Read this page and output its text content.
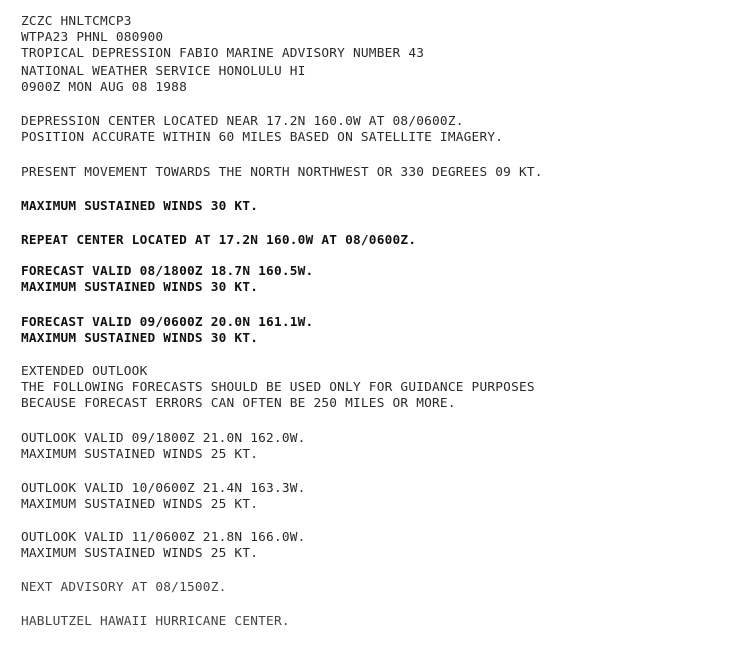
ZCZC HNLTCMCP3

WTPA23 PHNL 080900

TROPICAL DEPRESSION FABIO MARINE ADVISORY NUMBER 43

NATIONAL WEATHER SERVICE HONOLULU HI

0900Z MON AUG 08 1988

DEPRESSION CENTER LOCATED NEAR 17.2N 160.0W AT 08/0600Z.

POSITION ACCURATE WITHIN 60 MILES BASED ON SATELLITE IMAGERY.

PRESENT MOVEMENT TOWARDS THE NORTH NORTHWEST OR 330 DEGREES 09 KT.

MAXIMUM SUSTAINED WINDS 30 KT.

REPEAT CENTER LOCATED AT 17.2N 160.0W AT 08/0600Z.

FORECAST VALID 08/1800Z 18.7N 160.5W.

MAXIMUM SUSTAINED WINDS 30 KT.

FORECAST VALID 09/0600Z 20.0N 161.1W.

MAXIMUM SUSTAINED WINDS 30 KT.

EXTENDED OUTLOOK

THE FOLLOWING FORECASTS SHOULD BE USED ONLY FOR GUIDANCE PURPOSES

BECAUSE FORECAST ERRORS CAN OFTEN BE 250 MILES OR MORE.

OUTLOOK VALID 09/1800Z 21.0N 162.0W.

MAXIMUM SUSTAINED WINDS 25 KT.

OUTLOOK VALID 10/0600Z 21.4N 163.3W.

MAXIMUM SUSTAINED WINDS 25 KT.

OUTLOOK VALID 11/0600Z 21.8N 166.0W.

MAXIMUM SUSTAINED WINDS 25 KT.

NEXT ADVISORY AT 08/1500Z.

HABLUTZEL HAWAII HURRICANE CENTER.
